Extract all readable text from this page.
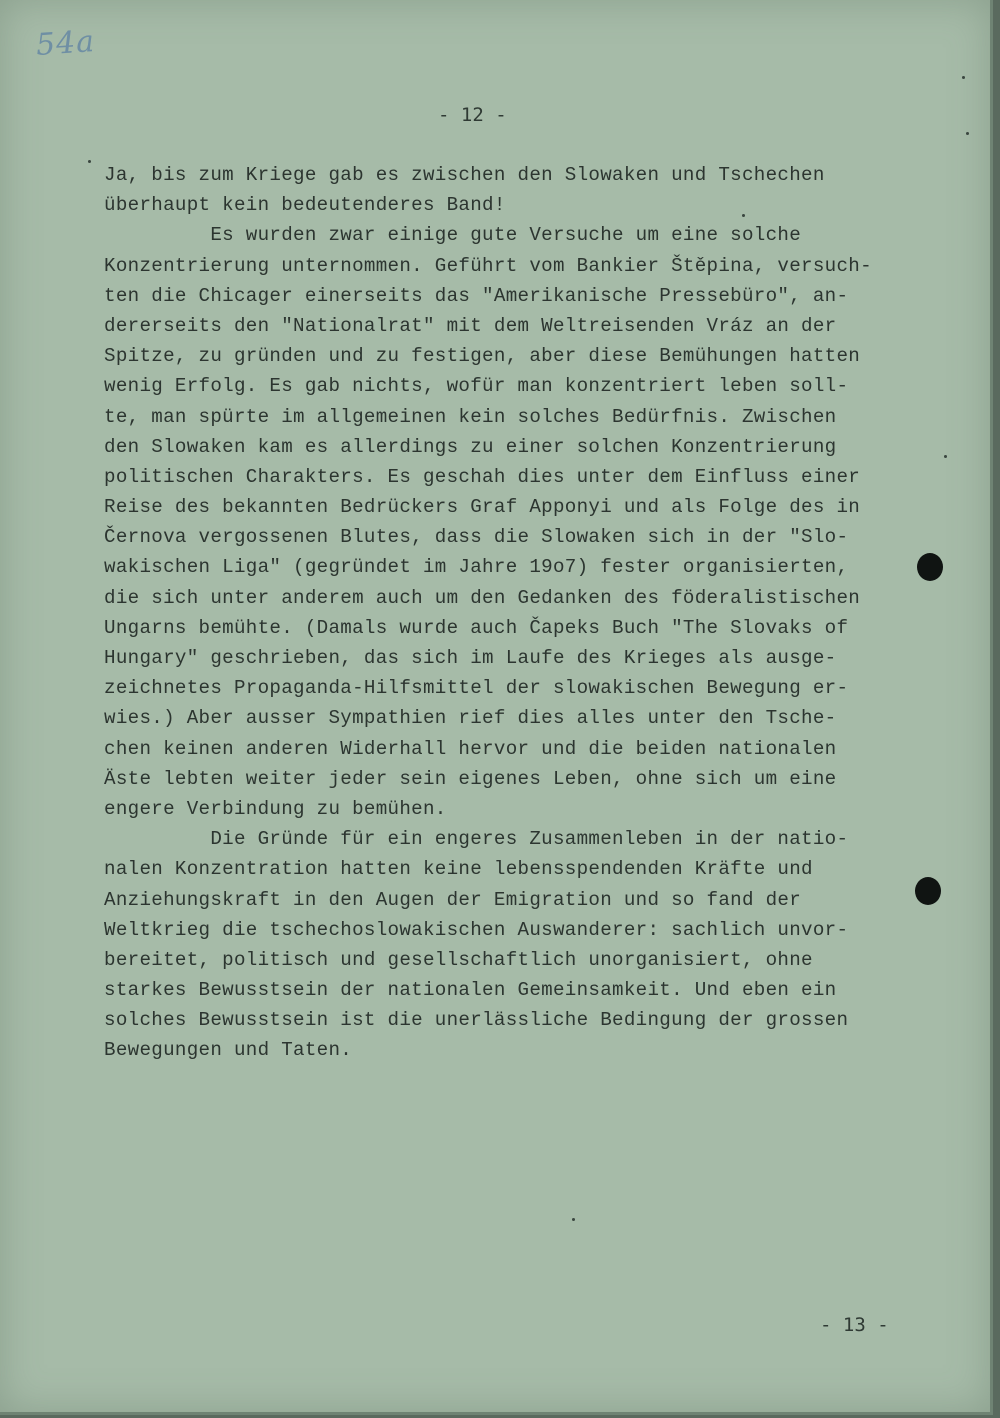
54a
- 12 -
Ja, bis zum Kriege gab es zwischen den Slowaken und Tschechen
überhaupt kein bedeutenderes Band!
Es wurden zwar einige gute Versuche um eine solche
Konzentrierung unternommen. Geführt vom Bankier Štěpina, versuch-
ten die Chicager einerseits das "Amerikanische Pressebüro", an-
dererseits den "Nationalrat" mit dem Weltreisenden Vráz an der
Spitze, zu gründen und zu festigen, aber diese Bemühungen hatten
wenig Erfolg. Es gab nichts, wofür man konzentriert leben soll-
te, man spürte im allgemeinen kein solches Bedürfnis. Zwischen
den Slowaken kam es allerdings zu einer solchen Konzentrierung
politischen Charakters. Es geschah dies unter dem Einfluss einer
Reise des bekannten Bedrückers Graf Apponyi und als Folge des in
Černova vergossenen Blutes, dass die Slowaken sich in der "Slo-
wakischen Liga" (gegründet im Jahre 19o7) fester organisierten,
die sich unter anderem auch um den Gedanken des föderalistischen
Ungarns bemühte. (Damals wurde auch Čapeks Buch "The Slovaks of
Hungary" geschrieben, das sich im Laufe des Krieges als ausge-
zeichnetes Propaganda-Hilfsmittel der slowakischen Bewegung er-
wies.) Aber ausser Sympathien rief dies alles unter den Tsche-
chen keinen anderen Widerhall hervor und die beiden nationalen
Äste lebten weiter jeder sein eigenes Leben, ohne sich um eine
engere Verbindung zu bemühen.
Die Gründe für ein engeres Zusammenleben in der natio-
nalen Konzentration hatten keine lebensspendenden Kräfte und
Anziehungskraft in den Augen der Emigration und so fand der
Weltkrieg die tschechoslowakischen Auswanderer: sachlich unvor-
bereitet, politisch und gesellschaftlich unorganisiert, ohne
starkes Bewusstsein der nationalen Gemeinsamkeit. Und eben ein
solches Bewusstsein ist die unerlässliche Bedingung der grossen
Bewegungen und Taten.
- 13 -
